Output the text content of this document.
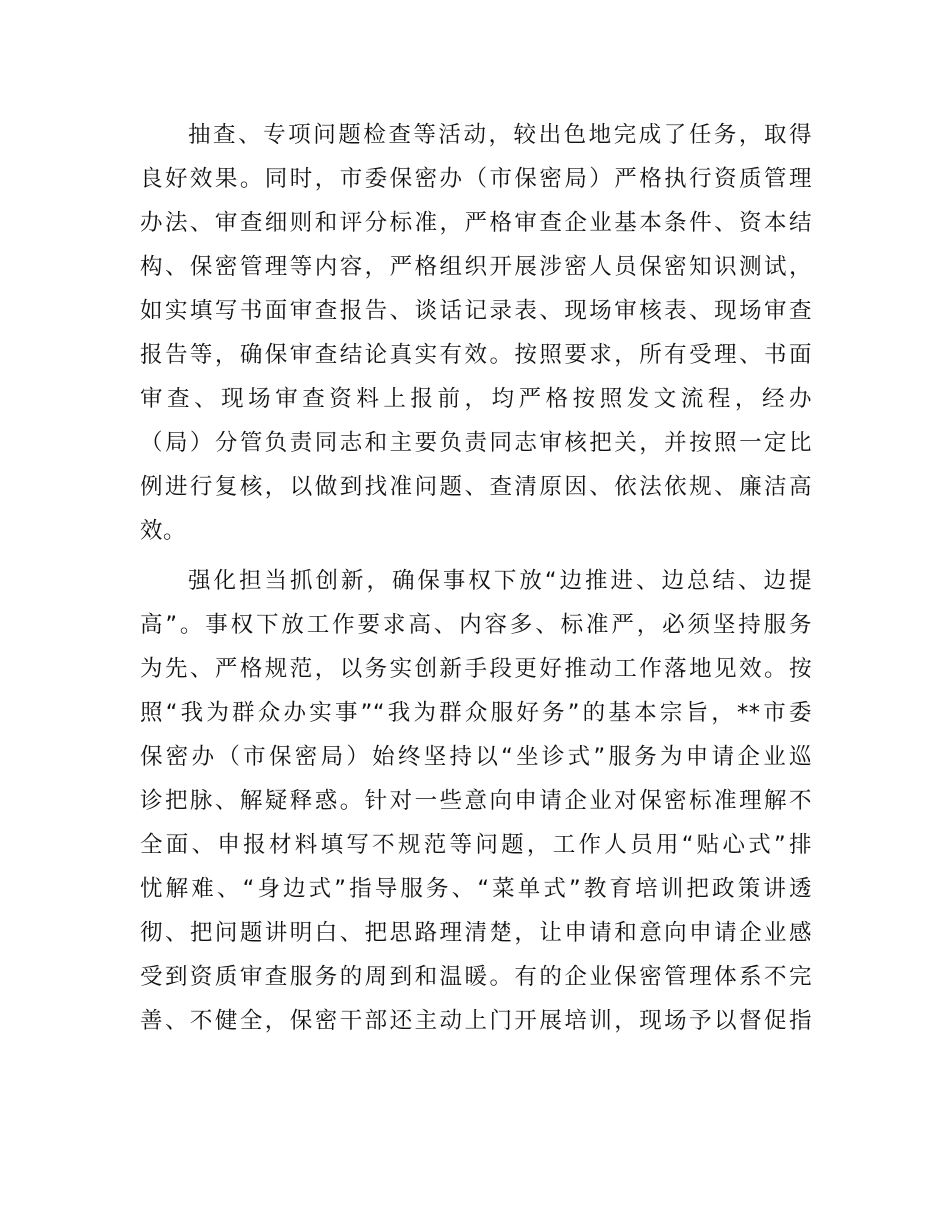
抽查、专项问题检查等活动，较出色地完成了任务，取得
良好效果。同时，市委保密办（市保密局）严格执行资质管理
办法、审查细则和评分标准，严格审查企业基本条件、资本结
构、保密管理等内容，严格组织开展涉密人员保密知识测试，
如实填写书面审查报告、谈话记录表、现场审核表、现场审查
报告等，确保审查结论真实有效。按照要求，所有受理、书面
审查、现场审查资料上报前，均严格按照发文流程，经办
（局）分管负责同志和主要负责同志审核把关，并按照一定比
例进行复核，以做到找准问题、查清原因、依法依规、廉洁高
效。
强化担当抓创新，确保事权下放“边推进、边总结、边提
高”。事权下放工作要求高、内容多、标准严，必须坚持服务
为先、严格规范，以务实创新手段更好推动工作落地见效。按
照“我为群众办实事”“我为群众服好务”的基本宗旨，**市委
保密办（市保密局）始终坚持以“坐诊式”服务为申请企业巡
诊把脉、解疑释惑。针对一些意向申请企业对保密标准理解不
全面、申报材料填写不规范等问题，工作人员用“贴心式”排
忧解难、“身边式”指导服务、“菜单式”教育培训把政策讲透
彻、把问题讲明白、把思路理清楚，让申请和意向申请企业感
受到资质审查服务的周到和温暖。有的企业保密管理体系不完
善、不健全，保密干部还主动上门开展培训，现场予以督促指
